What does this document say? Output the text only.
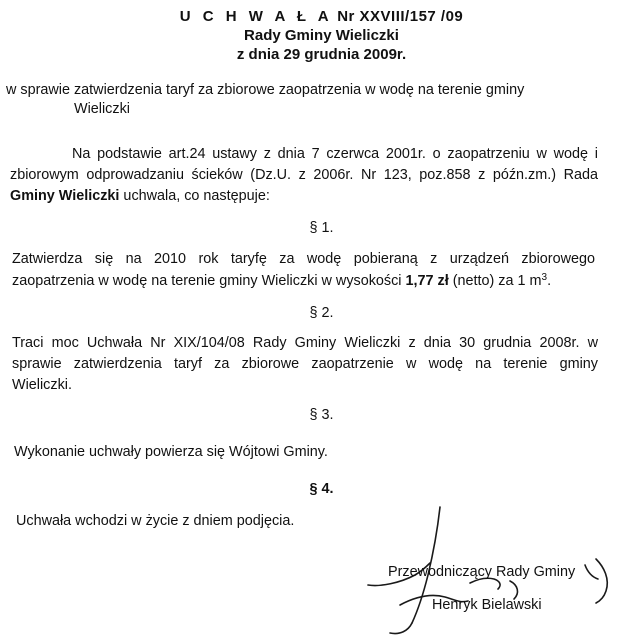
U C H W A Ł A Nr XXVIII/157 /09
Rady Gminy Wieliczki
z dnia 29 grudnia 2009r.
w sprawie zatwierdzenia taryf za zbiorowe zaopatrzenia w wodę na terenie gminy
Wieliczki
Na podstawie art.24 ustawy z dnia 7 czerwca 2001r. o zaopatrzeniu w wodę i
zbiorowym odprowadzaniu ścieków (Dz.U. z 2006r. Nr 123, poz.858 z późn.zm.) Rada
Gminy Wieliczki uchwala, co następuje:
§ 1.
Zatwierdza się na 2010 rok taryfę za wodę pobieraną z urządzeń zbiorowego
zaopatrzenia w wodę na terenie gminy Wieliczki w wysokości 1,77 zł (netto) za 1 $m^3$.
§ 2.
Traci moc Uchwała Nr XIX/104/08 Rady Gminy Wieliczki z dnia 30 grudnia 2008r. w
sprawie zatwierdzenia taryf za zbiorowe zaopatrzenie w wodę na terenie gminy
Wieliczki.
§ 3.
Wykonanie uchwały powierza się Wójtowi Gminy.
§ 4.
Uchwała wchodzi w życie z dniem podjęcia.
Przewodniczący Rady Gminy
Henryk Bielawski
